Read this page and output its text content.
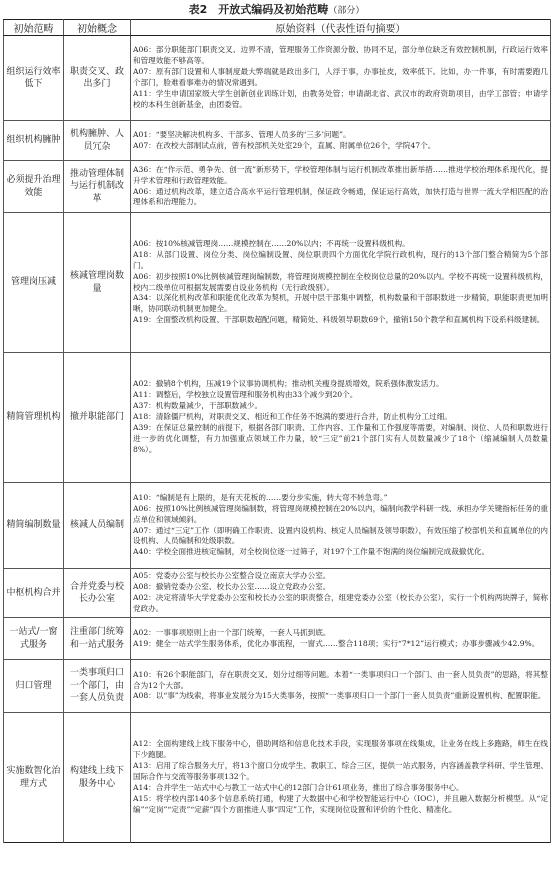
表2　开放式编码及初始范畴（部分）
初始范畴	初始概念	原始资料（代表性语句摘要）
组织运行效率低下	职责交叉、政出多门	A06：部分职能部门职责交叉、边界不清，管理服务工作资源分散、协同不足，部分单位缺乏有效控制机制，行政运行效率和管理效能不够高等。

A07：原有部门设置和人事制度最大弊端就是政出多门，人浮于事，办事扯皮，效率低下。比如，办一件事，有时需要跑几个部门，脸难看事难办的情况常遇到。

A11：学生申请国家级大学生创新创业训练计划，由教务处管；申请湖北省、武汉市的政府资助项目，由学工部管；申请学校的本科生创新基金，由团委管。

组织机构臃肿	机构臃肿、人员冗杂	A01：“要坚决解决机构多、干部多、管理人员多的‘三多’问题”。

A07：在改校大部制试点前，曾有校部机关处室29个，直属、附属单位26个，学院47个。

必须提升治理效能	推动管理体制与运行机制改革	A36：在“作示范、勇争先、创一流”新形势下，学校管理体制与运行机制改革推出新举措……推进学校治理体系现代化，提升学术管理和行政管理效能。

A06：通过机构改革，建立适合高水平运行管理机制，保证政令畅通，保证运行高效，加快打造与世界一流大学相匹配的治理体系和治理能力。

管理岗压减	核减管理岗数量	A06：按10%核减管理岗……规模控制在……20%以内；不再统一设置科级机构。

A18：从部门设置、岗位分类、岗位编制设置、岗位职责四个方面优化学院行政机构，现行的13个部门整合精简为5个部门。

A06：初步按照10%比例核减管理岗编制数，将管理岗规模控制在全校岗位总量的20%以内。学校不再统一设置科级机构，校内二级单位可根据发展需要自设业务机构（无行政级别）。

A34：以深化机构改革和职能优化改革为契机，开展中层干部集中调整，机构数量和干部职数进一步精简，职能职责更加明晰，协同联动机制更加健全。

A19：全面整改机构设置、干部职数超配问题，精简处、科级领导职数69个，撤销150个教学和直属机构下设系科级建制。

精简管理机构	撤并职能部门	A02：撤销8个机构，压减19个议事协调机构；推动机关瘦身提质增效，院系强体激发活力。

A11：调整后，学校独立设置管理和服务机构由33个减少到20个。

A37：机构数量减少，干部职数减少。

A18：清除僵尸机构，对职责交叉、相近和工作任务不饱满的要进行合并，防止机构分工过细。

A39：在保证总量控制的前提下，根据各部门职责、工作内容、工作量和工作强度等需要，对编制、岗位、人员和职数进行进一步的优化调整，有力加强重点领域工作力量，较“三定”前21个部门实有人员数量减少了18个（缩减编制人员数量8%）。

精简编制数量	核减人员编制	A10：“编制是有上限的，是有天花板的……要分步实施，转大弯不转急弯。”

A06：按照10%比例核减管理岗编制数，将管理岗规模控制在20%以内，编制向教学科研一线、承担办学关键指标任务的重点单位和领域倾斜。

A07：通过“三定”工作（即明确工作职责、设置内设机构、核定人员编制及领导职数），有效压缩了校部机关和直属单位的内设机构、人员编制和处级职数。

A40：学校全面推进核定编制，对全校岗位逐一过筛子，对197个工作量不饱满的岗位编制完成裁撤优化。

中枢机构合并	合并党委与校长办公室	A05：党委办公室与校长办公室整合设立南京大学办公室。

A08：撤销党委办公室、校长办公室……设立党政办公室。

A02：决定将清华大学党委办公室和校长办公室的职责整合，组建党委办公室（校长办公室），实行一个机构两块牌子，简称党政办。

一站式/一窗式服务	注重部门统筹和一站式服务	A02：一事事项原则上由一个部门统筹，一套人马抓到底。

A19：健全一站式学生服务体系，优化办事流程，一窗式……整合118项；实行“7*12”运行模式；办事步骤减少42.9%。

归口管理	一类事项归口一个部门，由一套人员负责	A10：有26个职能部门，存在职责交叉、划分过细等问题。本着“一类事项归口一个部门、由一套人员负责”的思路，将其整合为12个大部。

A08：以“事”为线索，将事业发展分为15大类事务，按照“一类事项归口一个部门一套人员负责”重新设置机构、配置职能。

实施数智化治理方式	构建线上线下服务中心	A12：全面构建线上线下服务中心，借助网络和信息化技术手段，实现服务事项在线集成，让业务在线上多跑路，师生在线下少跑腿。

A13：启用了综合服务大厅，将13个窗口分成学生、教职工、综合三区，提供一站式服务，内容涵盖教学科研、学生管理、国际合作与交流等服务事项132个。

A14：合并学生一站式中心与教工一站式中心的12部门合计61项业务，推出了综合事务服务中心。

A15：将学校内部140多个信息系统打通，构建了大数据中心和学校智能运行中心（IOC），并且融入数据分析模型。从“定编”“定岗”“定责”“定薪”四个方面推进人事“四定”工作，实现岗位设置和评价的个性化、精准化。
